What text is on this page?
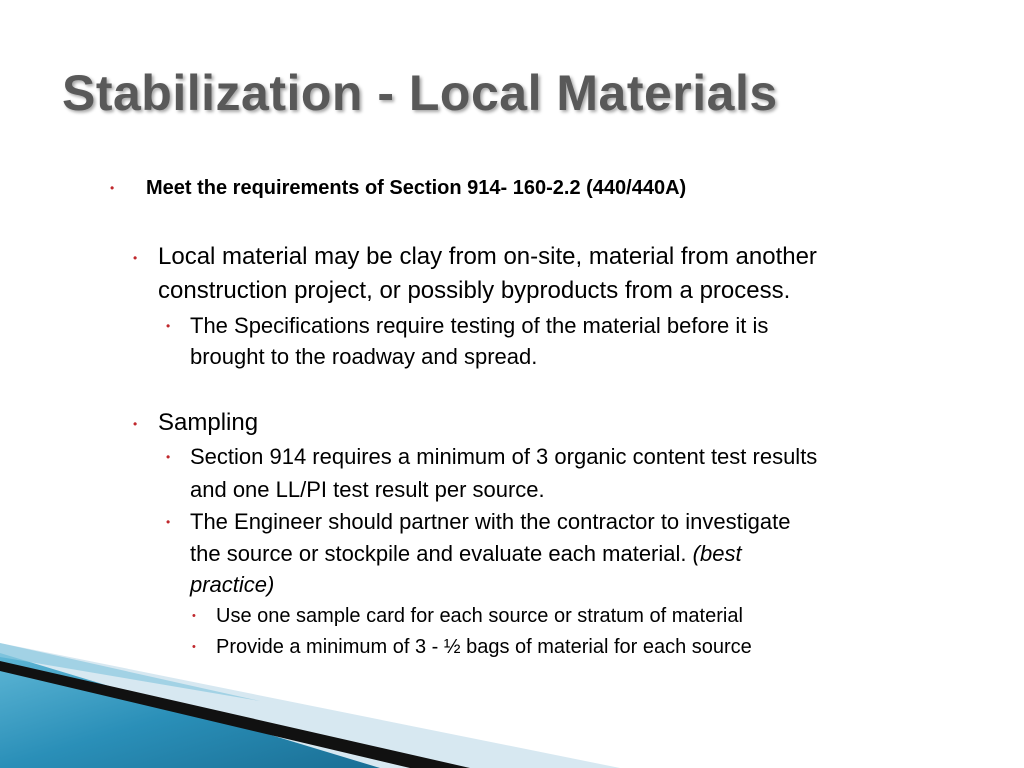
Stabilization - Local Materials
• Meet the requirements of Section 914- 160-2.2 (440/440A)
• Local material may be clay from on-site, material from another
construction project, or possibly byproducts from a process.
• The Specifications require testing of the material before it is
brought to the roadway and spread.
• Sampling
• Section 914 requires a minimum of 3 organic content test results
and one LL/PI test result per source.
• The Engineer should partner with the contractor to investigate
the source or stockpile and evaluate each material. (best
practice)
• Use one sample card for each source or stratum of material
• Provide a minimum of 3 - ½ bags of material for each source
